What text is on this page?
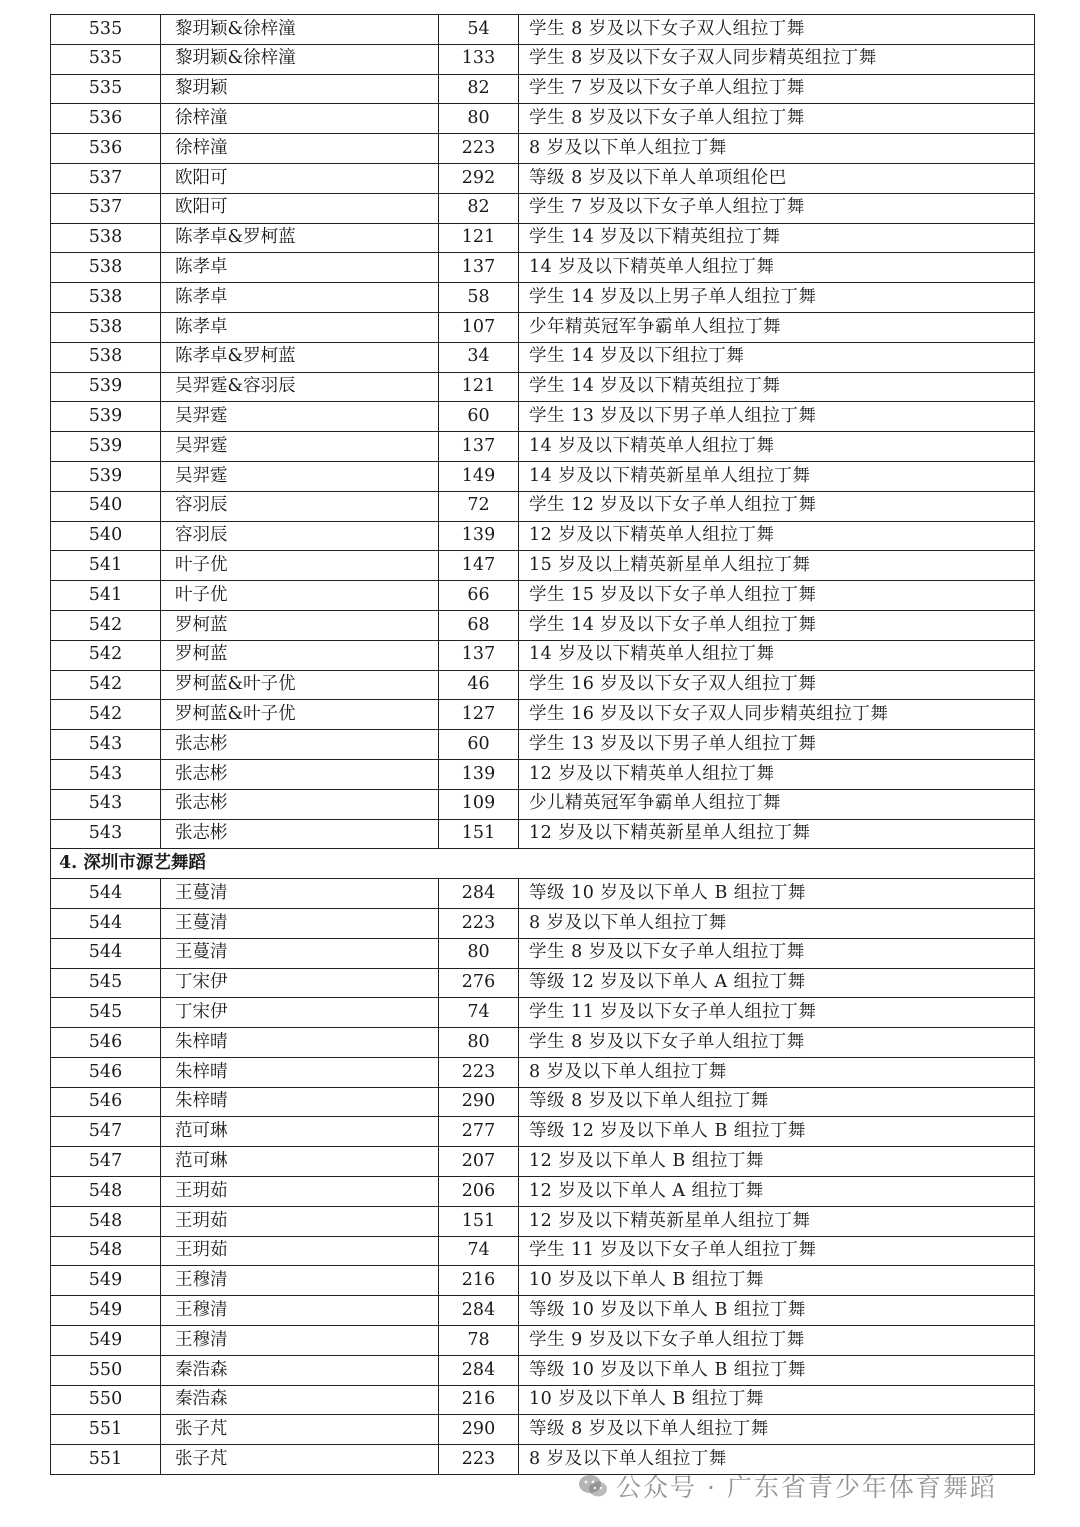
535	黎玥颖&徐梓潼	54	学生 8 岁及以下女子双人组拉丁舞
535	黎玥颖&徐梓潼	133	学生 8 岁及以下女子双人同步精英组拉丁舞
535	黎玥颖	82	学生 7 岁及以下女子单人组拉丁舞
536	徐梓潼	80	学生 8 岁及以下女子单人组拉丁舞
536	徐梓潼	223	8 岁及以下单人组拉丁舞
537	欧阳可	292	等级 8 岁及以下单人单项组伦巴
537	欧阳可	82	学生 7 岁及以下女子单人组拉丁舞
538	陈孝卓&罗柯蓝	121	学生 14 岁及以下精英组拉丁舞
538	陈孝卓	137	14 岁及以下精英单人组拉丁舞
538	陈孝卓	58	学生 14 岁及以上男子单人组拉丁舞
538	陈孝卓	107	少年精英冠军争霸单人组拉丁舞
538	陈孝卓&罗柯蓝	34	学生 14 岁及以下组拉丁舞
539	吴羿霆&容羽辰	121	学生 14 岁及以下精英组拉丁舞
539	吴羿霆	60	学生 13 岁及以下男子单人组拉丁舞
539	吴羿霆	137	14 岁及以下精英单人组拉丁舞
539	吴羿霆	149	14 岁及以下精英新星单人组拉丁舞
540	容羽辰	72	学生 12 岁及以下女子单人组拉丁舞
540	容羽辰	139	12 岁及以下精英单人组拉丁舞
541	叶子优	147	15 岁及以上精英新星单人组拉丁舞
541	叶子优	66	学生 15 岁及以下女子单人组拉丁舞
542	罗柯蓝	68	学生 14 岁及以下女子单人组拉丁舞
542	罗柯蓝	137	14 岁及以下精英单人组拉丁舞
542	罗柯蓝&叶子优	46	学生 16 岁及以下女子双人组拉丁舞
542	罗柯蓝&叶子优	127	学生 16 岁及以下女子双人同步精英组拉丁舞
543	张志彬	60	学生 13 岁及以下男子单人组拉丁舞
543	张志彬	139	12 岁及以下精英单人组拉丁舞
543	张志彬	109	少儿精英冠军争霸单人组拉丁舞
543	张志彬	151	12 岁及以下精英新星单人组拉丁舞
4. 深圳市源艺舞蹈			
544	王蔓清	284	等级 10 岁及以下单人 B 组拉丁舞
544	王蔓清	223	8 岁及以下单人组拉丁舞
544	王蔓清	80	学生 8 岁及以下女子单人组拉丁舞
545	丁宋伊	276	等级 12 岁及以下单人 A 组拉丁舞
545	丁宋伊	74	学生 11 岁及以下女子单人组拉丁舞
546	朱梓晴	80	学生 8 岁及以下女子单人组拉丁舞
546	朱梓晴	223	8 岁及以下单人组拉丁舞
546	朱梓晴	290	等级 8 岁及以下单人组拉丁舞
547	范可琳	277	等级 12 岁及以下单人 B 组拉丁舞
547	范可琳	207	12 岁及以下单人 B 组拉丁舞
548	王玥茹	206	12 岁及以下单人 A 组拉丁舞
548	王玥茹	151	12 岁及以下精英新星单人组拉丁舞
548	王玥茹	74	学生 11 岁及以下女子单人组拉丁舞
549	王穆清	216	10 岁及以下单人 B 组拉丁舞
549	王穆清	284	等级 10 岁及以下单人 B 组拉丁舞
549	王穆清	78	学生 9 岁及以下女子单人组拉丁舞
550	秦浩森	284	等级 10 岁及以下单人 B 组拉丁舞
550	秦浩森	216	10 岁及以下单人 B 组拉丁舞
551	张子芃	290	等级 8 岁及以下单人组拉丁舞
551	张子芃	223	8 岁及以下单人组拉丁舞
公众号 · 广东省青少年体育舞蹈
